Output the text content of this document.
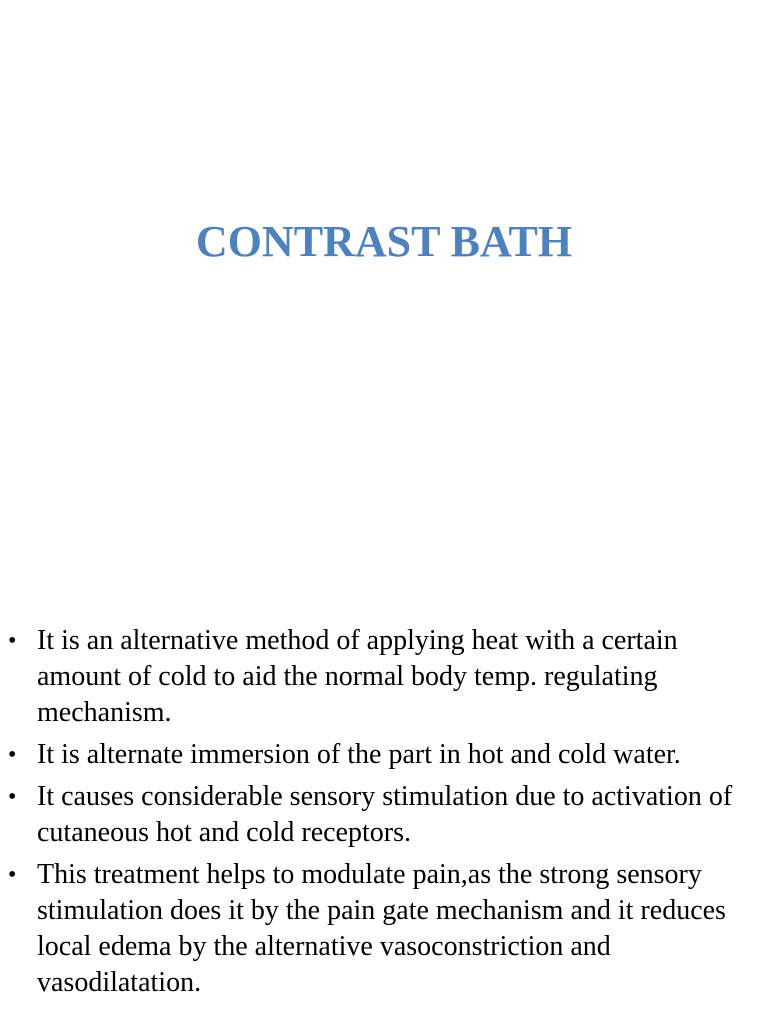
CONTRAST BATH
• It is an alternative method of applying heat with a certain amount of cold to aid the normal body temp. regulating mechanism.
• It is alternate immersion of the part in hot and cold water.
• It causes considerable sensory stimulation due to activation of cutaneous hot and cold receptors.
• This treatment helps to modulate pain,as the strong sensory stimulation does it by the pain gate mechanism and it reduces local edema by the alternative vasoconstriction and vasodilatation.
